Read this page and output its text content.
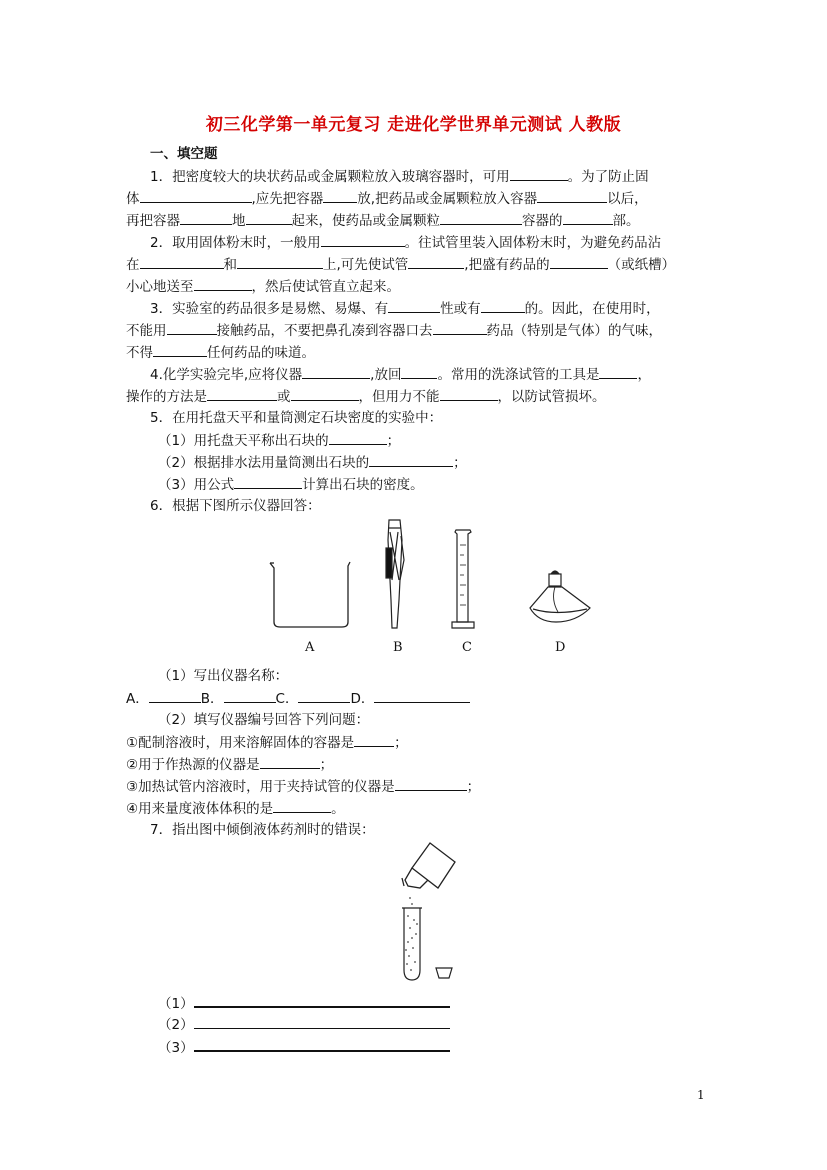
初三化学第一单元复习 走进化学世界单元测试 人教版
一、填空题
1．把密度较大的块状药品或金属颗粒放入玻璃容器时，可用	。为了防止固
体	,应先把容器	放,把药品或金属颗粒放入容器	以后，
再把容器	地	起来，使药品或金属颗粒	容器的	部。
2．取用固体粉末时，一般用	。往试管里装入固体粉末时，为避免药品沾
在	和	上,可先使试管	,把盛有药品的	（或纸槽）
小心地送至	，然后使试管直立起来。
3．实验室的药品很多是易燃、易爆、有	性或有	的。因此，在使用时，
不能用	接触药品，不要把鼻孔凑到容器口去	药品（特别是气体）的气味，
不得	任何药品的味道。
4.化学实验完毕,应将仪器	,放回	。常用的洗涤试管的工具是	，
操作的方法是	或	，但用力不能	，以防试管损坏。
5．在用托盘天平和量筒测定石块密度的实验中：
（1）用托盘天平称出石块的	；
（2）根据排水法用量筒测出石块的	；
（3）用公式	计算出石块的密度。
6．根据下图所示仪器回答：
A	B	C	D
（1）写出仪器名称：
A．	B．	C．	D．
（2）填写仪器编号回答下列问题：
①配制溶液时，用来溶解固体的容器是	；
②用于作热源的仪器是	；
③加热试管内溶液时，用于夹持试管的仪器是	；
④用来量度液体体积的是	。
7．指出图中倾倒液体药剂时的错误：
（1）
（2）
（3）
1
